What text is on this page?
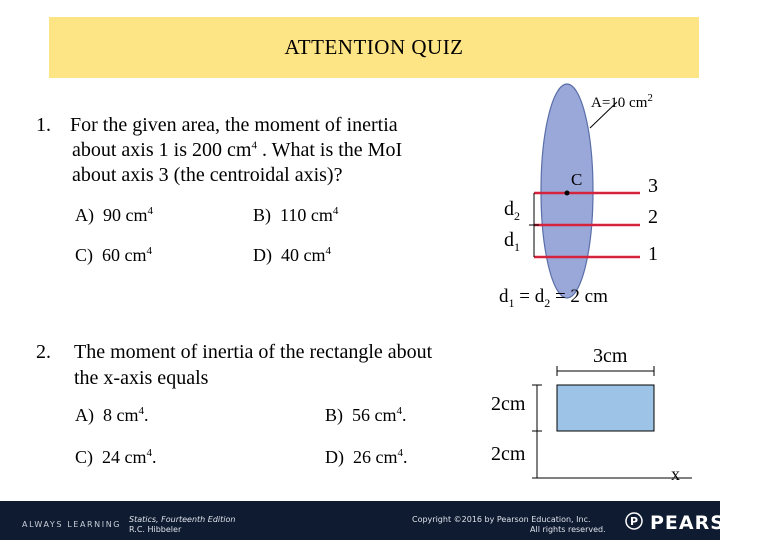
ATTENTION QUIZ
1. For the given area, the moment of inertia
about axis 1 is 200 $cm^4$ . What is the MoI
about axis 3 (the centroidal axis)?
A) 90 $cm^4$	B) 110 $cm^4$
C) 60 $cm^4$	D) 40 $cm^4$
A=10 $cm^2$
C	3
2
1
$d_2$
$d_1$
$d_1 = d_2 = 2$ cm
2. The moment of inertia of the rectangle about
the x-axis equals
A) 8 $cm^4$.	B) 56 $cm^4$.
C) 24 $cm^4$.	D) 26 $cm^4$.
3cm
2cm
2cm
x
ALWAYS LEARNING
Statics, Fourteenth Edition
R.C. Hibbeler
Copyright ©2016 by Pearson Education, Inc.
All rights reserved. PEARSON
P
